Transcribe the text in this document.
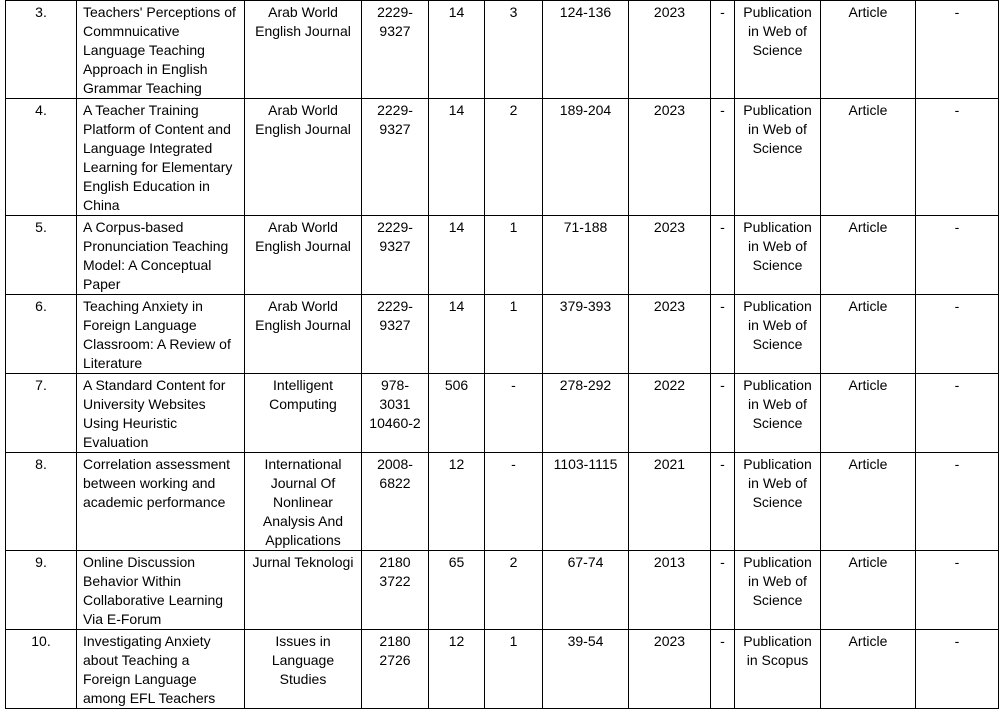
3.	Teachers' Perceptions of Commnuicative Language Teaching Approach in English Grammar Teaching	Arab World English Journal	2229-9327	14	3	124-136	2023	-	Publication in Web of Science	Article	-
4.	A Teacher Training Platform of Content and Language Integrated Learning for Elementary English Education in China	Arab World English Journal	2229-9327	14	2	189-204	2023	-	Publication in Web of Science	Article	-
5.	A Corpus-based Pronunciation Teaching Model: A Conceptual Paper	Arab World English Journal	2229-9327	14	1	71-188	2023	-	Publication in Web of Science	Article	-
6.	Teaching Anxiety in Foreign Language Classroom: A Review of Literature	Arab World English Journal	2229-9327	14	1	379-393	2023	-	Publication in Web of Science	Article	-
7.	A Standard Content for University Websites Using Heuristic Evaluation	Intelligent Computing	978-3031 10460-2	506	-	278-292	2022	-	Publication in Web of Science	Article	-
8.	Correlation assessment between working and academic performance	International Journal Of Nonlinear Analysis And Applications	2008-6822	12	-	1103-1115	2021	-	Publication in Web of Science	Article	-
9.	Online Discussion Behavior Within Collaborative Learning Via E-Forum	Jurnal Teknologi	2180 3722	65	2	67-74	2013	-	Publication in Web of Science	Article	-
10.	Investigating Anxiety about Teaching a Foreign Language among EFL Teachers	Issues in Language Studies	2180 2726	12	1	39-54	2023	-	Publication in Scopus	Article	-
